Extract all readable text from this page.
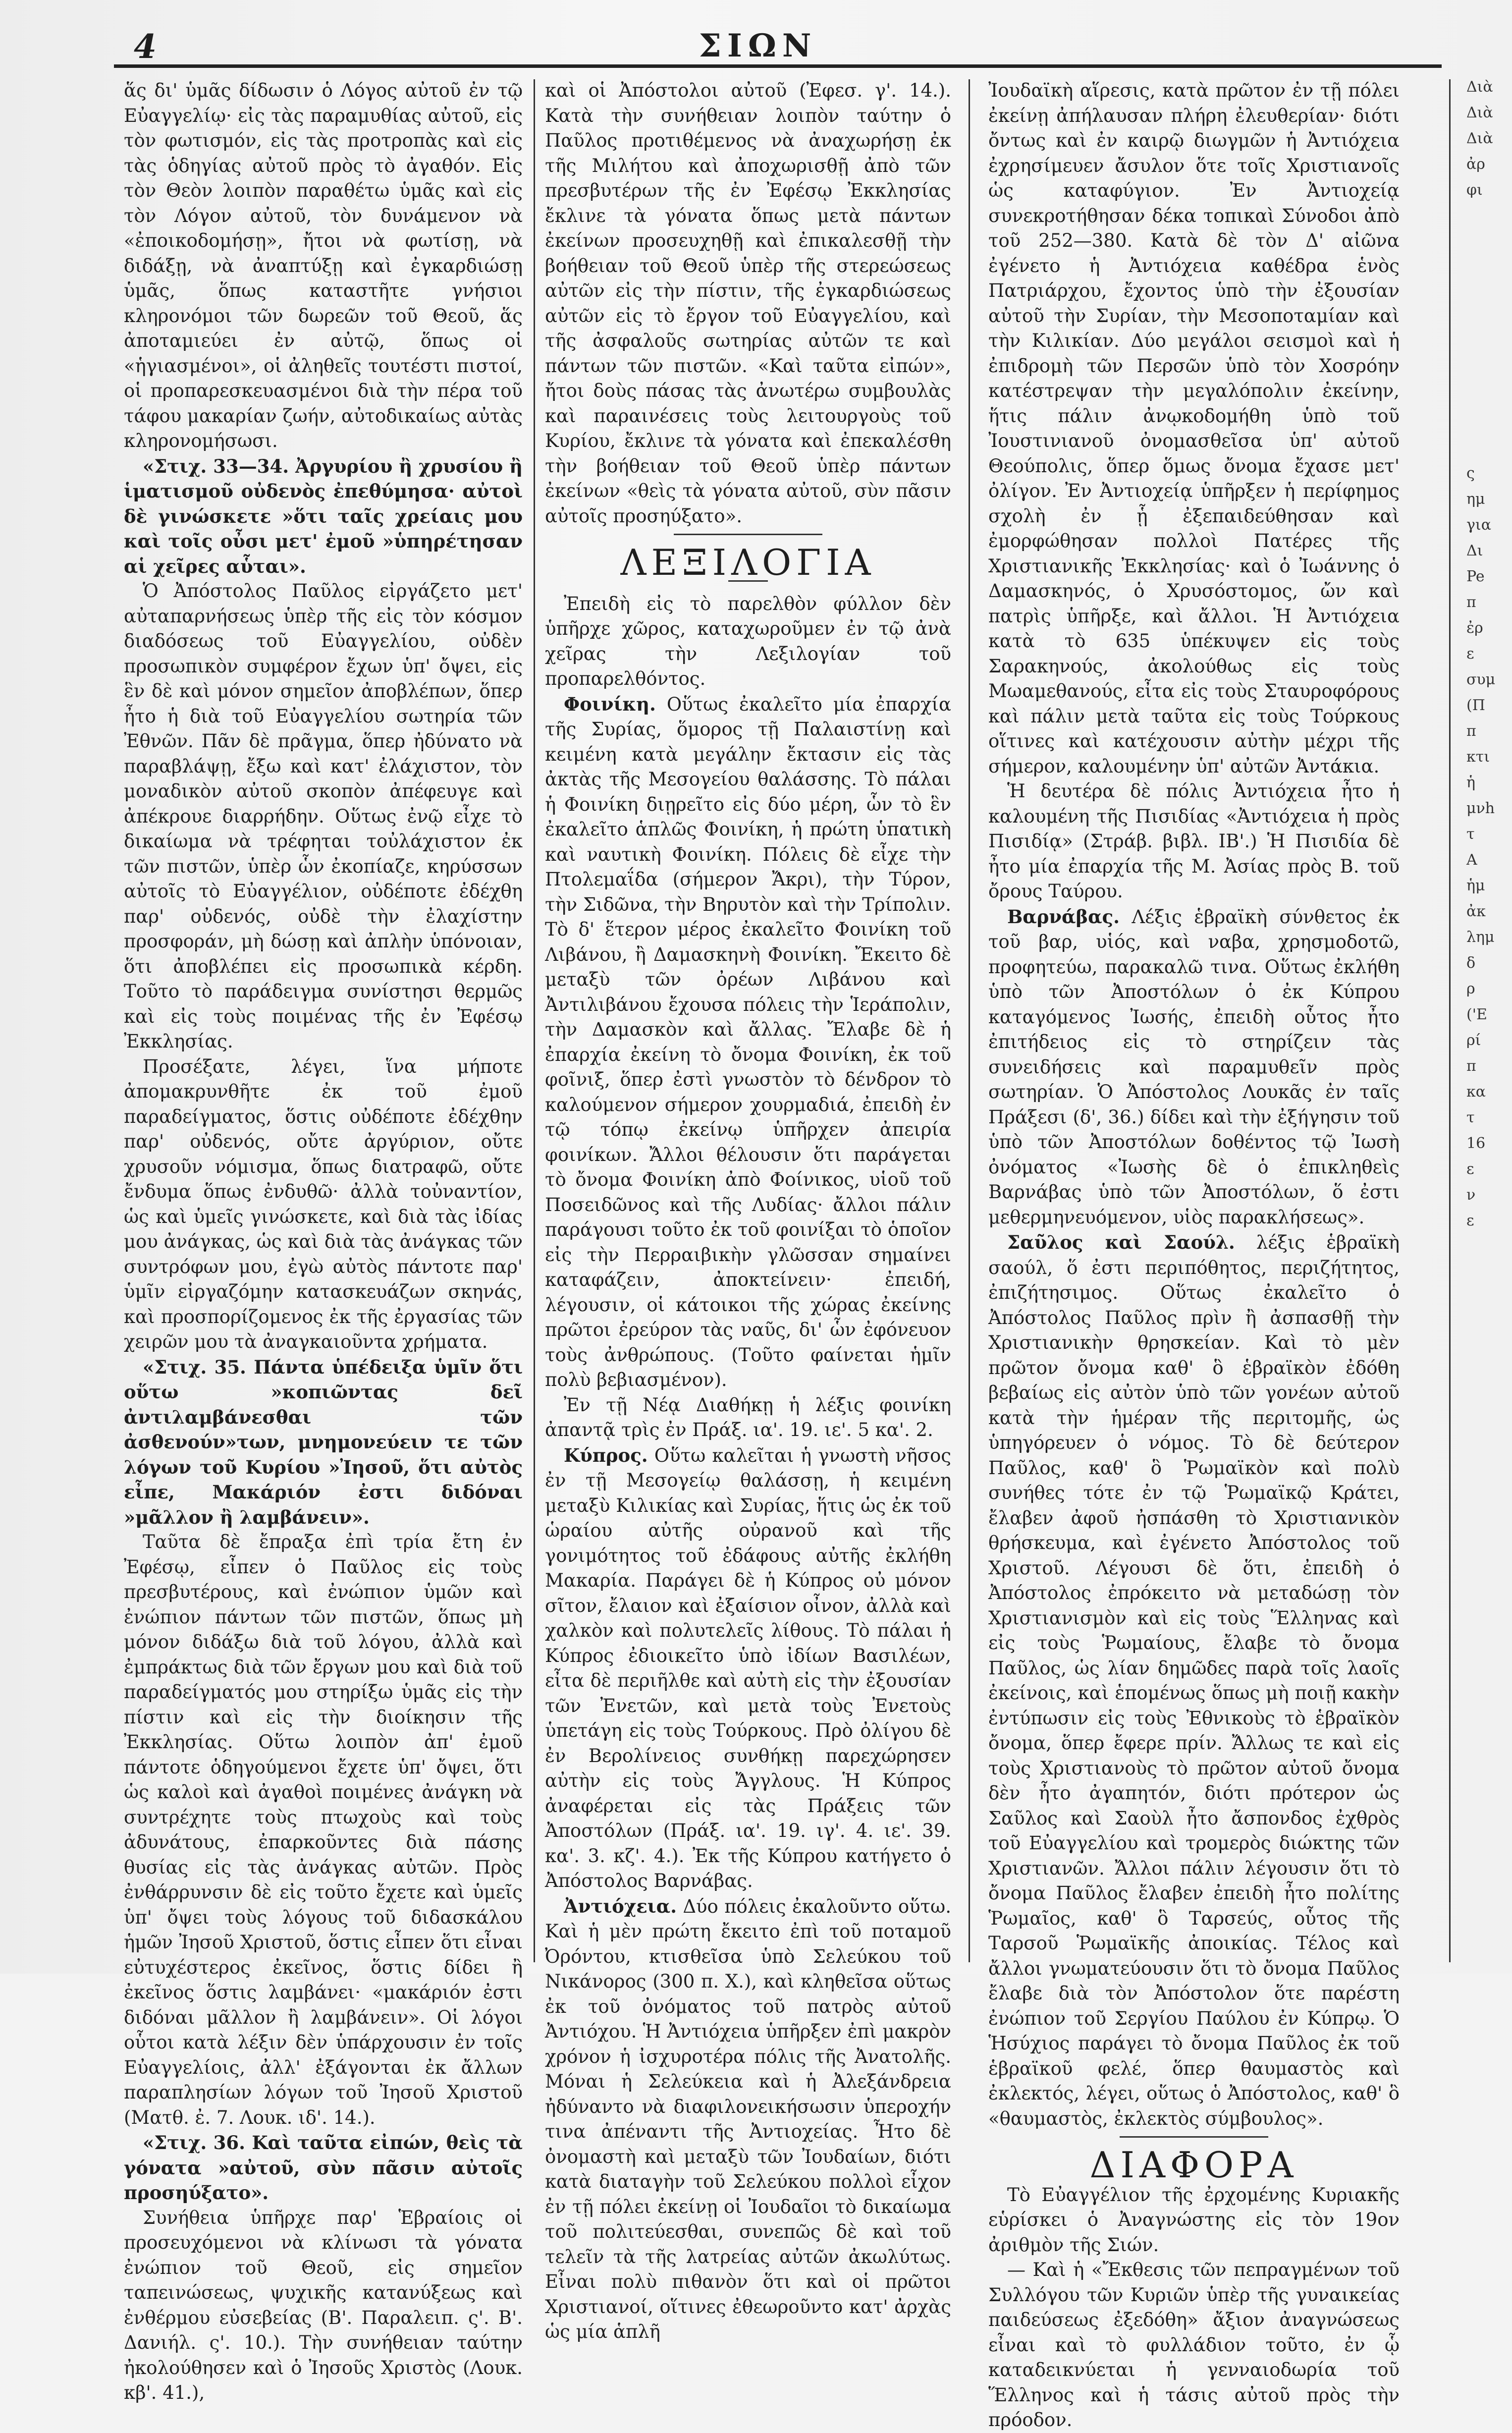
4	ΣΙΩΝ

ἅς δι' ὑμᾶς δίδωσιν ὁ Λόγος αὐτοῦ ἐν τῷ Εὐαγγελίῳ· εἰς τὰς παραμυθίας αὐτοῦ, εἰς τὸν φωτισμόν, εἰς τὰς προτροπὰς καὶ εἰς τὰς ὁδηγίας αὐτοῦ πρὸς τὸ ἀγαθόν. Εἰς τὸν Θεὸν λοιπὸν παραθέτω ὑμᾶς καὶ εἰς τὸν Λόγον αὐτοῦ, τὸν δυνάμενον νὰ «ἐποικοδομήσῃ», ἤτοι νὰ φωτίσῃ, νὰ διδάξῃ, νὰ ἀναπτύξῃ καὶ ἐγκαρδιώσῃ ὑμᾶς, ὅπως καταστῆτε γνήσιοι κληρονόμοι τῶν δωρεῶν τοῦ Θεοῦ, ἅς ἀποταμιεύει ἐν αὐτῷ, ὅπως οἱ «ἡγιασμένοι», οἱ ἀληθεῖς τουτέστι πιστοί, οἱ προπαρεσκευασμένοι διὰ τὴν πέρα τοῦ τάφου μακαρίαν ζωήν, αὐτοδικαίως αὐτὰς κληρονομήσωσι.

«Στιχ. 33—34. Ἀργυρίου ἢ χρυσίου ἢ ἱματισμοῦ οὐδενὸς ἐπεθύμησα· αὐτοὶ δὲ γινώσκετε »ὅτι ταῖς χρείαις μου καὶ τοῖς οὖσι μετ' ἐμοῦ »ὑπηρέτησαν αἱ χεῖρες αὗται».

Ὁ Ἀπόστολος Παῦλος εἰργάζετο μετ' αὐταπαρνήσεως ὑπὲρ τῆς εἰς τὸν κόσμον διαδόσεως τοῦ Εὐαγγελίου, οὐδὲν προσωπικὸν συμφέρον ἔχων ὑπ' ὄψει, εἰς ἓν δὲ καὶ μόνον σημεῖον ἀποβλέπων, ὅπερ ἦτο ἡ διὰ τοῦ Εὐαγγελίου σωτηρία τῶν Ἐθνῶν. Πᾶν δὲ πρᾶγμα, ὅπερ ἠδύνατο νὰ παραβλάψῃ, ἔξω καὶ κατ' ἐλάχιστον, τὸν μοναδικὸν αὐτοῦ σκοπὸν ἀπέφευγε καὶ ἀπέκρουε διαρρήδην. Οὕτως ἐνῷ εἶχε τὸ δικαίωμα νὰ τρέφηται τοὐλάχιστον ἐκ τῶν πιστῶν, ὑπὲρ ὧν ἐκοπίαζε, κηρύσσων αὐτοῖς τὸ Εὐαγγέλιον, οὐδέποτε ἐδέχθη παρ' οὐδενός, οὐδὲ τὴν ἐλαχίστην προσφοράν, μὴ δώσῃ καὶ ἀπλὴν ὑπόνοιαν, ὅτι ἀποβλέπει εἰς προσωπικὰ κέρδη. Τοῦτο τὸ παράδειγμα συνίστησι θερμῶς καὶ εἰς τοὺς ποιμένας τῆς ἐν Ἐφέσῳ Ἐκκλησίας.

Προσέξατε, λέγει, ἵνα μήποτε ἀπομακρυνθῆτε ἐκ τοῦ ἐμοῦ παραδείγματος, ὅστις οὐδέποτε ἐδέχθην παρ' οὐδενός, οὔτε ἀργύριον, οὔτε χρυσοῦν νόμισμα, ὅπως διατραφῶ, οὔτε ἔνδυμα ὅπως ἐνδυθῶ· ἀλλὰ τοὐναντίον, ὡς καὶ ὑμεῖς γινώσκετε, καὶ διὰ τὰς ἰδίας μου ἀνάγκας, ὡς καὶ διὰ τὰς ἀνάγκας τῶν συντρόφων μου, ἐγὼ αὐτὸς πάντοτε παρ' ὑμῖν εἰργαζόμην κατασκευάζων σκηνάς, καὶ προσπορίζομενος ἐκ τῆς ἐργασίας τῶν χειρῶν μου τὰ ἀναγκαιοῦντα χρήματα.

«Στιχ. 35. Πάντα ὑπέδειξα ὑμῖν ὅτι οὕτω »κοπιῶντας δεῖ ἀντιλαμβάνεσθαι τῶν ἀσθενούν»των, μνημονεύειν τε τῶν λόγων τοῦ Κυρίου »Ἰησοῦ, ὅτι αὐτὸς εἶπε, Μακάριόν ἐστι διδόναι »μᾶλλον ἢ λαμβάνειν».

Ταῦτα δὲ ἔπραξα ἐπὶ τρία ἔτη ἐν Ἐφέσῳ, εἶπεν ὁ Παῦλος εἰς τοὺς πρεσβυτέρους, καὶ ἐνώπιον ὑμῶν καὶ ἐνώπιον πάντων τῶν πιστῶν, ὅπως μὴ μόνον διδάξω διὰ τοῦ λόγου, ἀλλὰ καὶ ἐμπράκτως διὰ τῶν ἔργων μου καὶ διὰ τοῦ παραδείγματός μου στηρίξω ὑμᾶς εἰς τὴν πίστιν καὶ εἰς τὴν διοίκησιν τῆς Ἐκκλησίας. Οὕτω λοιπὸν ἀπ' ἐμοῦ πάντοτε ὁδηγούμενοι ἔχετε ὑπ' ὄψει, ὅτι ὡς καλοὶ καὶ ἀγαθοὶ ποιμένες ἀνάγκη νὰ συντρέχητε τοὺς πτωχοὺς καὶ τοὺς ἀδυνάτους, ἐπαρκοῦντες διὰ πάσης θυσίας εἰς τὰς ἀνάγκας αὐτῶν. Πρὸς ἐνθάρρυνσιν δὲ εἰς τοῦτο ἔχετε καὶ ὑμεῖς ὑπ' ὄψει τοὺς λόγους τοῦ διδασκάλου ἡμῶν Ἰησοῦ Χριστοῦ, ὅστις εἶπεν ὅτι εἶναι εὐτυχέστερος ἐκεῖνος, ὅστις δίδει ἢ ἐκεῖνος ὅστις λαμβάνει· «μακάριόν ἐστι διδόναι μᾶλλον ἢ λαμβάνειν». Οἱ λόγοι οὗτοι κατὰ λέξιν δὲν ὑπάρχουσιν ἐν τοῖς Εὐαγγελίοις, ἀλλ' ἐξάγονται ἐκ ἄλλων παραπλησίων λόγων τοῦ Ἰησοῦ Χριστοῦ (Ματθ. ἐ. 7. Λουκ. ιδ'. 14.).

«Στιχ. 36. Καὶ ταῦτα εἰπών, θεὶς τὰ γόνατα »αὐτοῦ, σὺν πᾶσιν αὐτοῖς προσηύξατο».

Συνήθεια ὑπῆρχε παρ' Ἑβραίοις οἱ προσευχόμενοι νὰ κλίνωσι τὰ γόνατα ἐνώπιον τοῦ Θεοῦ, εἰς σημεῖον ταπεινώσεως, ψυχικῆς κατανύξεως καὶ ἐνθέρμου εὐσεβείας (Β'. Παραλειπ. ς'. Β'. Δανιήλ. ς'. 10.). Τὴν συνήθειαν ταύτην ἠκολούθησεν καὶ ὁ Ἰησοῦς Χριστὸς (Λουκ. κβ'. 41.),

καὶ οἱ Ἀπόστολοι αὐτοῦ (Ἐφεσ. γ'. 14.). Κατὰ τὴν συνήθειαν λοιπὸν ταύτην ὁ Παῦλος προτιθέμενος νὰ ἀναχωρήσῃ ἐκ τῆς Μιλήτου καὶ ἀποχωρισθῇ ἀπὸ τῶν πρεσβυτέρων τῆς ἐν Ἐφέσῳ Ἐκκλησίας ἔκλινε τὰ γόνατα ὅπως μετὰ πάντων ἐκείνων προσευχηθῇ καὶ ἐπικαλεσθῇ τὴν βοήθειαν τοῦ Θεοῦ ὑπὲρ τῆς στερεώσεως αὐτῶν εἰς τὴν πίστιν, τῆς ἐγκαρδιώσεως αὐτῶν εἰς τὸ ἔργον τοῦ Εὐαγγελίου, καὶ τῆς ἀσφαλοῦς σωτηρίας αὐτῶν τε καὶ πάντων τῶν πιστῶν. «Καὶ ταῦτα εἰπών», ἤτοι δοὺς πάσας τὰς ἀνωτέρω συμβουλὰς καὶ παραινέσεις τοὺς λειτουργοὺς τοῦ Κυρίου, ἔκλινε τὰ γόνατα καὶ ἐπεκαλέσθη τὴν βοήθειαν τοῦ Θεοῦ ὑπὲρ πάντων ἐκείνων «θεὶς τὰ γόνατα αὐτοῦ, σὺν πᾶσιν αὐτοῖς προσηύξατο».

ΛΕΞΙΛΟΓΙΑ

Ἐπειδὴ εἰς τὸ παρελθὸν φύλλον δὲν ὑπῆρχε χῶρος, καταχωροῦμεν ἐν τῷ ἀνὰ χεῖρας τὴν Λεξιλογίαν τοῦ προπαρελθόντος.

Φοινίκη. Οὕτως ἐκαλεῖτο μία ἐπαρχία τῆς Συρίας, ὅμορος τῇ Παλαιστίνῃ καὶ κειμένη κατὰ μεγάλην ἔκτασιν εἰς τὰς ἀκτὰς τῆς Μεσογείου θαλάσσης. Τὸ πάλαι ἡ Φοινίκη διῃρεῖτο εἰς δύο μέρη, ὧν τὸ ἓν ἐκαλεῖτο ἁπλῶς Φοινίκη, ἡ πρώτη ὑπατικὴ καὶ ναυτικὴ Φοινίκη. Πόλεις δὲ εἶχε τὴν Πτολεμαΐδα (σήμερον Ἄκρι), τὴν Τύρον, τὴν Σιδῶνα, τὴν Βηρυτὸν καὶ τὴν Τρίπολιν. Τὸ δ' ἕτερον μέρος ἐκαλεῖτο Φοινίκη τοῦ Λιβάνου, ἢ Δαμασκηνὴ Φοινίκη. Ἔκειτο δὲ μεταξὺ τῶν ὀρέων Λιβάνου καὶ Ἀντιλιβάνου ἔχουσα πόλεις τὴν Ἱεράπολιν, τὴν Δαμασκὸν καὶ ἄλλας. Ἔλαβε δὲ ἡ ἐπαρχία ἐκείνη τὸ ὄνομα Φοινίκη, ἐκ τοῦ φοῖνιξ, ὅπερ ἐστὶ γνωστὸν τὸ δένδρον τὸ καλούμενον σήμερον χουρμαδιά, ἐπειδὴ ἐν τῷ τόπῳ ἐκείνῳ ὑπῆρχεν ἀπειρία φοινίκων. Ἄλλοι θέλουσιν ὅτι παράγεται τὸ ὄνομα Φοινίκη ἀπὸ Φοίνικος, υἱοῦ τοῦ Ποσειδῶνος καὶ τῆς Λυδίας· ἄλλοι πάλιν παράγουσι τοῦτο ἐκ τοῦ φοινίξαι τὸ ὁποῖον εἰς τὴν Περραιβικὴν γλῶσσαν σημαίνει καταφάζειν, ἀποκτείνειν· ἐπειδή, λέγουσιν, οἱ κάτοικοι τῆς χώρας ἐκείνης πρῶτοι ἐρεύρον τὰς ναῦς, δι' ὧν ἐφόνευον τοὺς ἀνθρώπους. (Τοῦτο φαίνεται ἡμῖν πολὺ βεβιασμένον).

Ἐν τῇ Νέᾳ Διαθήκῃ ἡ λέξις φοινίκη ἀπαντᾷ τρὶς ἐν Πράξ. ια'. 19. ιε'. 5 κα'. 2.

Κύπρος. Οὕτω καλεῖται ἡ γνωστὴ νῆσος ἐν τῇ Μεσογείῳ θαλάσσῃ, ἡ κειμένη μεταξὺ Κιλικίας καὶ Συρίας, ἥτις ὡς ἐκ τοῦ ὡραίου αὐτῆς οὐρανοῦ καὶ τῆς γονιμότητος τοῦ ἐδάφους αὐτῆς ἐκλήθη Μακαρία. Παράγει δὲ ἡ Κύπρος οὐ μόνον σῖτον, ἔλαιον καὶ ἐξαίσιον οἶνον, ἀλλὰ καὶ χαλκὸν καὶ πολυτελεῖς λίθους. Τὸ πάλαι ἡ Κύπρος ἐδιοικεῖτο ὑπὸ ἰδίων Βασιλέων, εἶτα δὲ περιῆλθε καὶ αὐτὴ εἰς τὴν ἐξουσίαν τῶν Ἐνετῶν, καὶ μετὰ τοὺς Ἐνετοὺς ὑπετάγη εἰς τοὺς Τούρκους. Πρὸ ὀλίγου δὲ ἐν Βερολίνειος συνθήκῃ παρεχώρησεν αὐτὴν εἰς τοὺς Ἄγγλους. Ἡ Κύπρος ἀναφέρεται εἰς τὰς Πράξεις τῶν Ἀποστόλων (Πράξ. ια'. 19. ιγ'. 4. ιε'. 39. κα'. 3. κζ'. 4.). Ἐκ τῆς Κύπρου κατήγετο ὁ Ἀπόστολος Βαρνάβας.

Ἀντιόχεια. Δύο πόλεις ἐκαλοῦντο οὕτω. Καὶ ἡ μὲν πρώτη ἔκειτο ἐπὶ τοῦ ποταμοῦ Ὀρόντου, κτισθεῖσα ὑπὸ Σελεύκου τοῦ Νικάνορος (300 π. Χ.), καὶ κληθεῖσα οὕτως ἐκ τοῦ ὀνόματος τοῦ πατρὸς αὐτοῦ Ἀντιόχου. Ἡ Ἀντιόχεια ὑπῆρξεν ἐπὶ μακρὸν χρόνον ἡ ἰσχυροτέρα πόλις τῆς Ἀνατολῆς. Μόναι ἡ Σελεύκεια καὶ ἡ Ἀλεξάνδρεια ἠδύναντο νὰ διαφιλονεικήσωσιν ὑπεροχήν τινα ἀπέναντι τῆς Ἀντιοχείας. Ἦτο δὲ ὀνομαστὴ καὶ μεταξὺ τῶν Ἰουδαίων, διότι κατὰ διαταγὴν τοῦ Σελεύκου πολλοὶ εἶχον ἐν τῇ πόλει ἐκείνῃ οἱ Ἰουδαῖοι τὸ δικαίωμα τοῦ πολιτεύεσθαι, συνεπῶς δὲ καὶ τοῦ τελεῖν τὰ τῆς λατρείας αὐτῶν ἀκωλύτως. Εἶναι πολὺ πιθανὸν ὅτι καὶ οἱ πρῶτοι Χριστιανοί, οἵτινες ἐθεωροῦντο κατ' ἀρχὰς ὡς μία ἁπλῆ

Ἰουδαϊκὴ αἵρεσις, κατὰ πρῶτον ἐν τῇ πόλει ἐκείνῃ ἀπήλαυσαν πλήρη ἐλευθερίαν· διότι ὄντως καὶ ἐν καιρῷ διωγμῶν ἡ Ἀντιόχεια ἐχρησίμευεν ἄσυλον ὅτε τοῖς Χριστιανοῖς ὡς καταφύγιον. Ἐν Ἀντιοχείᾳ συνεκροτήθησαν δέκα τοπικαὶ Σύνοδοι ἀπὸ τοῦ 252—380. Κατὰ δὲ τὸν Δ' αἰῶνα ἐγένετο ἡ Ἀντιόχεια καθέδρα ἑνὸς Πατριάρχου, ἔχοντος ὑπὸ τὴν ἐξουσίαν αὐτοῦ τὴν Συρίαν, τὴν Μεσοποταμίαν καὶ τὴν Κιλικίαν. Δύο μεγάλοι σεισμοὶ καὶ ἡ ἐπιδρομὴ τῶν Περσῶν ὑπὸ τὸν Χοσρόην κατέστρεψαν τὴν μεγαλόπολιν ἐκείνην, ἥτις πάλιν ἀνῳκοδομήθη ὑπὸ τοῦ Ἰουστινιανοῦ ὀνομασθεῖσα ὑπ' αὐτοῦ Θεούπολις, ὅπερ ὅμως ὄνομα ἔχασε μετ' ὀλίγον. Ἐν Ἀντιοχείᾳ ὑπῆρξεν ἡ περίφημος σχολὴ ἐν ᾗ ἐξεπαιδεύθησαν καὶ ἐμορφώθησαν πολλοὶ Πατέρες τῆς Χριστιανικῆς Ἐκκλησίας· καὶ ὁ Ἰωάννης ὁ Δαμασκηνός, ὁ Χρυσόστομος, ὤν καὶ πατρὶς ὑπῆρξε, καὶ ἄλλοι. Ἡ Ἀντιόχεια κατὰ τὸ 635 ὑπέκυψεν εἰς τοὺς Σαρακηνούς, ἀκολούθως εἰς τοὺς Μωαμεθανούς, εἶτα εἰς τοὺς Σταυροφόρους καὶ πάλιν μετὰ ταῦτα εἰς τοὺς Τούρκους οἵτινες καὶ κατέχουσιν αὐτὴν μέχρι τῆς σήμερον, καλουμένην ὑπ' αὐτῶν Ἀντάκια.

Ἡ δευτέρα δὲ πόλις Ἀντιόχεια ἦτο ἡ καλουμένη τῆς Πισιδίας «Ἀντιόχεια ἡ πρὸς Πισιδίᾳ» (Στράβ. βιβλ. ΙΒ'.) Ἡ Πισιδία δὲ ἦτο μία ἐπαρχία τῆς Μ. Ἀσίας πρὸς Β. τοῦ ὄρους Ταύρου.

Βαρνάβας. Λέξις ἑβραϊκὴ σύνθετος ἐκ τοῦ βαρ, υἱός, καὶ ναβα, χρησμοδοτῶ, προφητεύω, παρακαλῶ τινα. Οὕτως ἐκλήθη ὑπὸ τῶν Ἀποστόλων ὁ ἐκ Κύπρου καταγόμενος Ἰωσής, ἐπειδὴ οὗτος ἦτο ἐπιτήδειος εἰς τὸ στηρίζειν τὰς συνειδήσεις καὶ παραμυθεῖν πρὸς σωτηρίαν. Ὁ Ἀπόστολος Λουκᾶς ἐν ταῖς Πράξεσι (δ', 36.) δίδει καὶ τὴν ἐξήγησιν τοῦ ὑπὸ τῶν Ἀποστόλων δοθέντος τῷ Ἰωσὴ ὀνόματος «Ἰωσὴς δὲ ὁ ἐπικληθεὶς Βαρνάβας ὑπὸ τῶν Ἀποστόλων, ὅ ἐστι μεθερμηνευόμενον, υἱὸς παρακλήσεως».

Σαῦλος καὶ Σαούλ. λέξις ἑβραϊκὴ σαούλ, ὅ ἐστι περιπόθητος, περιζήτητος, ἐπιζήτησιμος. Οὕτως ἐκαλεῖτο ὁ Ἀπόστολος Παῦλος πρὶν ἢ ἀσπασθῇ τὴν Χριστιανικὴν θρησκείαν. Καὶ τὸ μὲν πρῶτον ὄνομα καθ' ὃ ἑβραϊκὸν ἐδόθη βεβαίως εἰς αὐτὸν ὑπὸ τῶν γονέων αὐτοῦ κατὰ τὴν ἡμέραν τῆς περιτομῆς, ὡς ὑπηγόρευεν ὁ νόμος. Τὸ δὲ δεύτερον Παῦλος, καθ' ὃ Ῥωμαϊκὸν καὶ πολὺ συνήθες τότε ἐν τῷ Ῥωμαϊκῷ Κράτει, ἔλαβεν ἀφοῦ ἠσπάσθη τὸ Χριστιανικὸν θρήσκευμα, καὶ ἐγένετο Ἀπόστολος τοῦ Χριστοῦ. Λέγουσι δὲ ὅτι, ἐπειδὴ ὁ Ἀπόστολος ἐπρόκειτο νὰ μεταδώσῃ τὸν Χριστιανισμὸν καὶ εἰς τοὺς Ἕλληνας καὶ εἰς τοὺς Ῥωμαίους, ἔλαβε τὸ ὄνομα Παῦλος, ὡς λίαν δημῶδες παρὰ τοῖς λαοῖς ἐκείνοις, καὶ ἑπομένως ὅπως μὴ ποιῇ κακὴν ἐντύπωσιν εἰς τοὺς Ἐθνικοὺς τὸ ἑβραϊκὸν ὄνομα, ὅπερ ἔφερε πρίν. Ἄλλως τε καὶ εἰς τοὺς Χριστιανοὺς τὸ πρῶτον αὐτοῦ ὄνομα δὲν ἦτο ἀγαπητόν, διότι πρότερον ὡς Σαῦλος καὶ Σαοὺλ ἦτο ἄσπονδος ἐχθρὸς τοῦ Εὐαγγελίου καὶ τρομερὸς διώκτης τῶν Χριστιανῶν. Ἄλλοι πάλιν λέγουσιν ὅτι τὸ ὄνομα Παῦλος ἔλαβεν ἐπειδὴ ἦτο πολίτης Ῥωμαῖος, καθ' ὃ Ταρσεύς, οὗτος τῆς Ταρσοῦ Ῥωμαϊκῆς ἀποικίας. Τέλος καὶ ἄλλοι γνωματεύουσιν ὅτι τὸ ὄνομα Παῦλος ἔλαβε διὰ τὸν Ἀπόστολον ὅτε παρέστη ἐνώπιον τοῦ Σεργίου Παύλου ἐν Κύπρῳ. Ὁ Ἡσύχιος παράγει τὸ ὄνομα Παῦλος ἐκ τοῦ ἑβραϊκοῦ φελέ, ὅπερ θαυμαστὸς καὶ ἐκλεκτός, λέγει, οὕτως ὁ Ἀπόστολος, καθ' ὃ «θαυμαστὸς, ἐκλεκτὸς σύμβουλος».

ΔΙΑΦΟΡΑ

Τὸ Εὐαγγέλιον τῆς ἐρχομένης Κυριακῆς εὑρίσκει ὁ Ἀναγνώστης εἰς τὸν 19ον ἀριθμὸν τῆς Σιών.

— Καὶ ἡ «Ἔκθεσις τῶν πεπραγμένων τοῦ Συλλόγου τῶν Κυριῶν ὑπὲρ τῆς γυναικείας παιδεύσεως ἐξεδόθη» ἄξιον ἀναγνώσεως εἶναι καὶ τὸ φυλλάδιον τοῦτο, ἐν ᾧ καταδεικνύεται ἡ γενναιοδωρία τοῦ Ἕλληνος καὶ ἡ τάσις αὐτοῦ πρὸς τὴν πρόοδον.

Διὰ
Διὰ
Διὰ
ἀρ
φι

ς
ημ
για
Δι
Pe
π
ἐρ
ε
συμ
(Π
π
κτι
ἡ
μνh
τ
Α
ἡμ
ἀκ
λημ
δ
ρ
('E
ρί
π
κα
τ
16
ε
ν
ε
